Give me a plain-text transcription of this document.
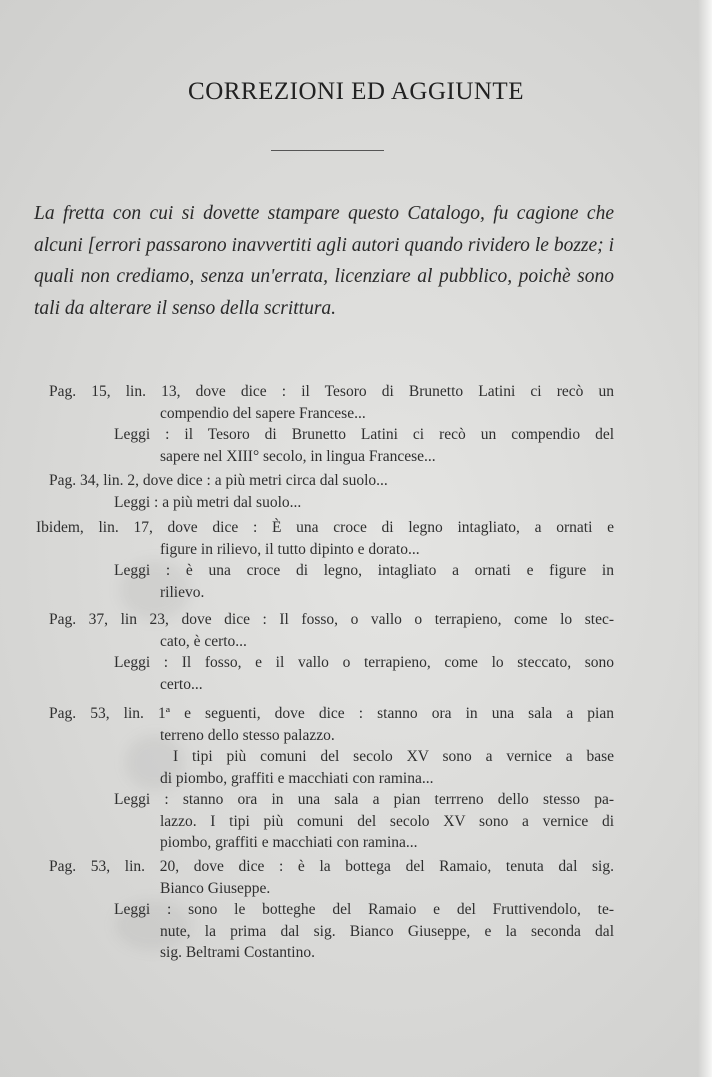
CORREZIONI ED AGGIUNTE
La fretta con cui si dovette stampare questo Catalogo, fu cagione che alcuni [errori passarono inavvertiti agli autori quando rividero le bozze; i quali non crediamo, senza un'errata, licenziare al pubblico, poichè sono tali da alterare il senso della scrittura.
Pag. 15, lin. 13, dove dice : il Tesoro di Brunetto Latini ci recò un
compendio del sapere Francese...
Leggi : il Tesoro di Brunetto Latini ci recò un compendio del
sapere nel XIII° secolo, in lingua Francese...
Pag. 34, lin. 2, dove dice : a più metri circa dal suolo...
Leggi : a più metri dal suolo...
Ibidem, lin. 17, dove dice : È una croce di legno intagliato, a ornati e
figure in rilievo, il tutto dipinto e dorato...
Leggi : è una croce di legno, intagliato a ornati e figure in
rilievo.
Pag. 37, lin 23, dove dice : Il fosso, o vallo o terrapieno, come lo stec-
cato, è certo...
Leggi : Il fosso, e il vallo o terrapieno, come lo steccato, sono
certo...
Pag. 53, lin. 1ª e seguenti, dove dice : stanno ora in una sala a pian
terreno dello stesso palazzo.
I tipi più comuni del secolo XV sono a vernice a base
di piombo, graffiti e macchiati con ramina...
Leggi : stanno ora in una sala a pian terrreno dello stesso pa-
lazzo. I tipi più comuni del secolo XV sono a vernice di
piombo, graffiti e macchiati con ramina...
Pag. 53, lin. 20, dove dice : è la bottega del Ramaio, tenuta dal sig.
Bianco Giuseppe.
Leggi : sono le botteghe del Ramaio e del Fruttivendolo, te-
nute, la prima dal sig. Bianco Giuseppe, e la seconda dal
sig. Beltrami Costantino.
